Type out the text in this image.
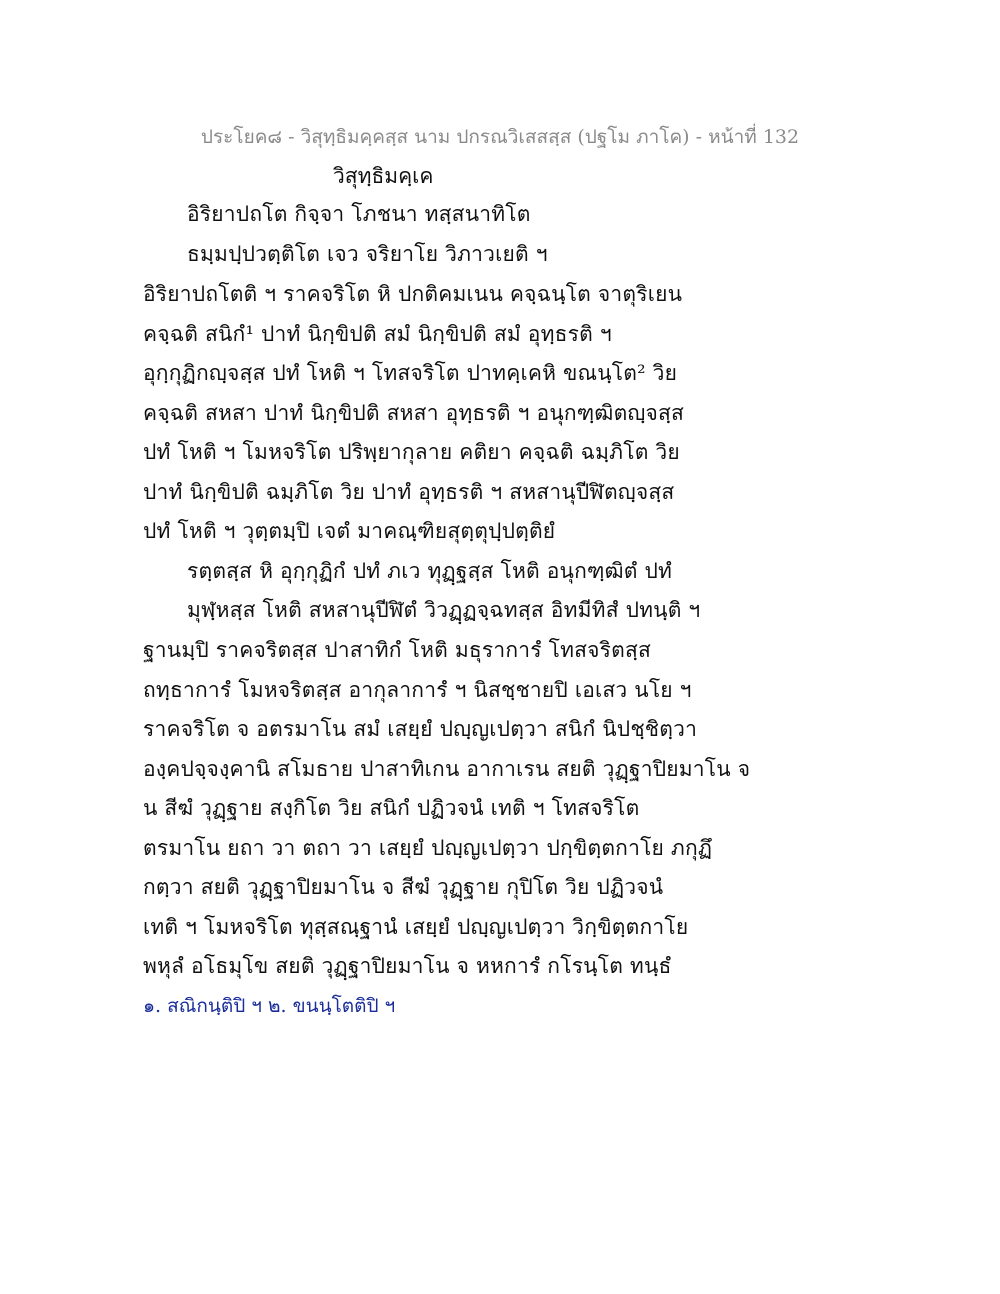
ประโยค๘ - วิสุทฺธิมคฺคสฺส นาม ปกรณวิเสสสฺส (ปฐโม ภาโค) - หน้าที่ 132
วิสุทฺธิมคฺเค
อิริยาปถโต กิจฺจา โภชนา ทสฺสนาทิโต
ธมฺมปฺปวตฺติโต เจว จริยาโย วิภาวเยติ ฯ
อิริยาปถโตติ ฯ ราคจริโต หิ ปกติคมเนน คจฺฉนฺโต จาตุริเยน
คจฺฉติ สนิกํ¹ ปาทํ นิกฺขิปติ สมํ นิกฺขิปติ สมํ อุทฺธรติ ฯ
อุกฺกุฏิกญฺจสฺส ปทํ โหติ ฯ โทสจริโต ปาทคฺเคหิ ขณนฺโต² วิย
คจฺฉติ สหสา ปาทํ นิกฺขิปติ สหสา อุทฺธรติ ฯ อนุกฑฺฒิตญฺจสฺส
ปทํ โหติ ฯ โมหจริโต ปริพฺยากุลาย คติยา คจฺฉติ ฉมฺภิโต วิย
ปาทํ นิกฺขิปติ ฉมฺภิโต วิย ปาทํ อุทฺธรติ ฯ สหสานุปีฬิตญฺจสฺส
ปทํ โหติ ฯ วุตฺตมฺปิ เจตํ มาคณฺฑิยสุตฺตุปฺปตฺติยํ
รตฺตสฺส หิ อุกฺกุฏิกํ ปทํ ภเว ทุฏฺฐสฺส โหติ อนุกฑฺฒิตํ ปทํ
มุฬฺหสฺส โหติ สหสานุปีฬิตํ วิวฏฺฏจฺฉทสฺส อิทมีทิสํ ปทนฺติ ฯ
ฐานมฺปิ ราคจริตสฺส ปาสาทิกํ โหติ มธุราการํ โทสจริตสฺส
ถทฺธาการํ โมหจริตสฺส อากุลาการํ ฯ นิสชฺชายปิ เอเสว นโย ฯ
ราคจริโต จ อตรมาโน สมํ เสยฺยํ ปญฺญเปตฺวา สนิกํ นิปชฺชิตฺวา
องฺคปจฺจงฺคานิ สโมธาย ปาสาทิเกน อากาเรน สยติ วุฏฺฐาปิยมาโน จ
น สีฆํ วุฏฺฐาย สงฺกิโต วิย สนิกํ ปฏิวจนํ เทติ ฯ โทสจริโต
ตรมาโน ยถา วา ตถา วา เสยฺยํ ปญฺญเปตฺวา ปกฺขิตฺตกาโย ภกุฏึ
กตฺวา สยติ วุฏฺฐาปิยมาโน จ สีฆํ วุฏฺฐาย กุปิโต วิย ปฏิวจนํ
เทติ ฯ โมหจริโต ทุสฺสณฺฐานํ เสยฺยํ ปญฺญเปตฺวา วิกฺขิตฺตกาโย
พหุลํ อโธมุโข สยติ วุฏฺฐาปิยมาโน จ หหการํ กโรนฺโต ทนฺธํ
๑. สณิกนฺติปิ ฯ ๒. ขนนฺโตติปิ ฯ
